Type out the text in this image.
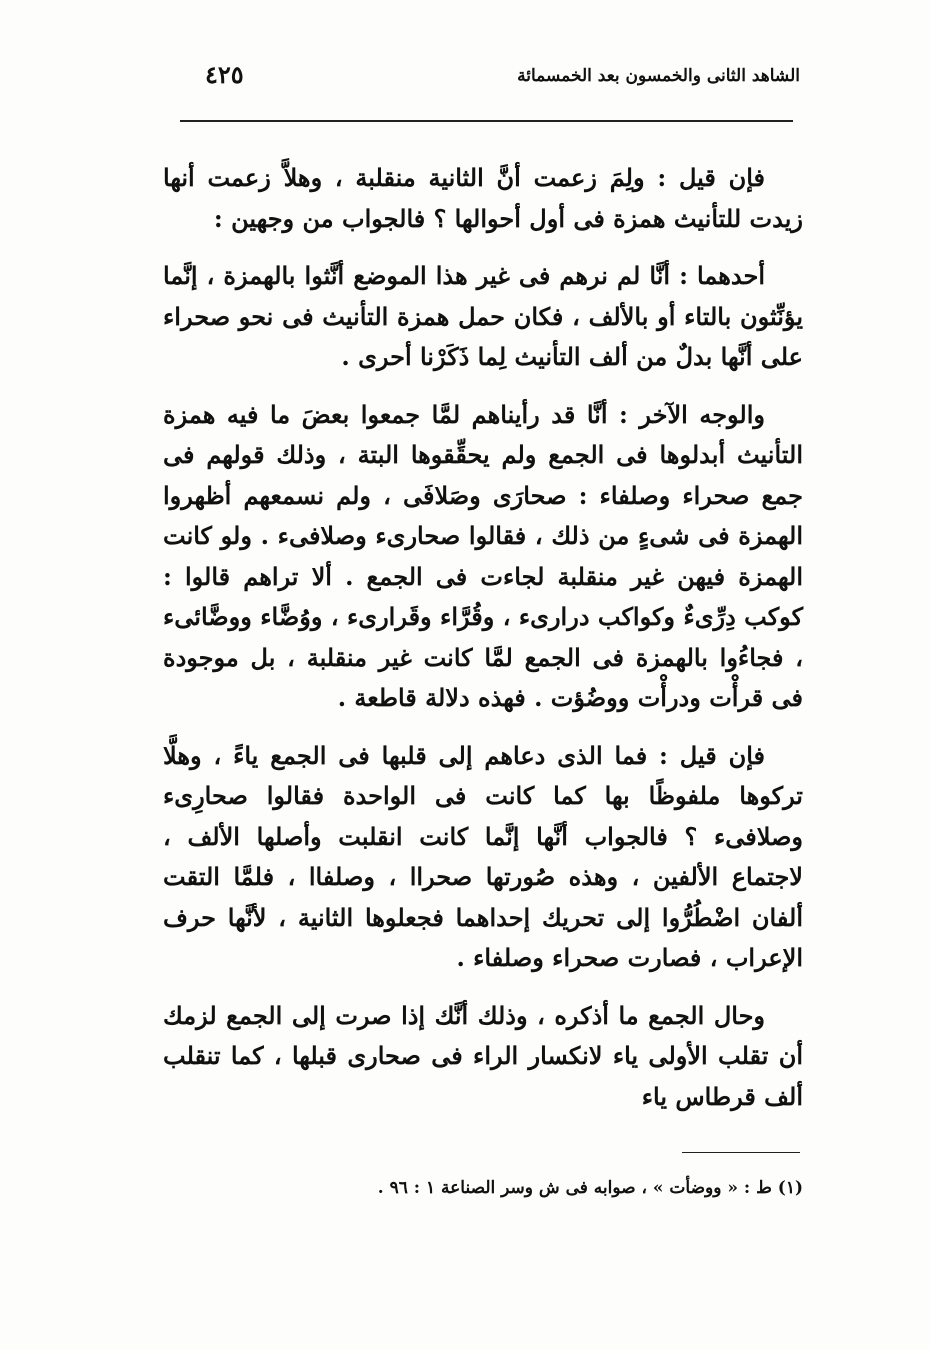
الشاهد الثانى والخمسون بعد الخمسمائة
٤٢٥

فإن قيل : ولِمَ زعمت أنَّ الثانية منقلبة ، وهلاَّ زعمت أنها زيدت للتأنيث همزة فى أول أحوالها ؟ فالجواب من وجهين :

أحدهما : أنَّا لم نرهم فى غير هذا الموضع أنَّثوا بالهمزة ، إنَّما يؤنِّثون بالتاء أو بالألف ، فكان حمل همزة التأنيث فى نحو صحراء على أنَّها بدلٌ من ألف التأنيث لِما ذَكَرْنا أحرى .

والوجه الآخر : أنَّا قد رأيناهم لمَّا جمعوا بعضَ ما فيه همزة التأنيث أبدلوها فى الجمع ولم يحقِّقوها البتة ، وذلك قولهم فى جمع صحراء وصلفاء : صحارَى وصَلافَى ، ولم نسمعهم أظهروا الهمزة فى شىءٍ من ذلك ، فقالوا صحارىء وصلافىء . ولو كانت الهمزة فيهن غير منقلبة لجاءت فى الجمع . ألا تراهم قالوا : كوكب دِرِّىءٌ وكواكب درارىء ، وقُرَّاء وقَرارىء ، ووُضَّاء ووضَّائىء ، فجاءُوا بالهمزة فى الجمع لمَّا كانت غير منقلبة ، بل موجودة فى قرأْت ودرأْت ووضُؤت . فهذه دلالة قاطعة .

فإن قيل : فما الذى دعاهم إلى قلبها فى الجمع ياءً ، وهلَّا تركوها ملفوظًا بها كما كانت فى الواحدة فقالوا صحارِىء وصلافىء ؟ فالجواب أنَّها إنَّما كانت انقلبت وأصلها الألف ، لاجتماع الألفين ، وهذه صُورتها صحراا ، وصلفاا ، فلمَّا التقت ألفان اضْطُرُّوا إلى تحريك إحداهما فجعلوها الثانية ، لأنَّها حرف الإعراب ، فصارت صحراء وصلفاء .

وحال الجمع ما أذكره ، وذلك أنَّك إذا صرت إلى الجمع لزمك أن تقلب الأولى ياء لانكسار الراء فى صحارى قبلها ، كما تنقلب ألف قرطاس ياء

(١) ط : « ووضأت » ، صوابه فى ش وسر الصناعة ١ : ٩٦ .
